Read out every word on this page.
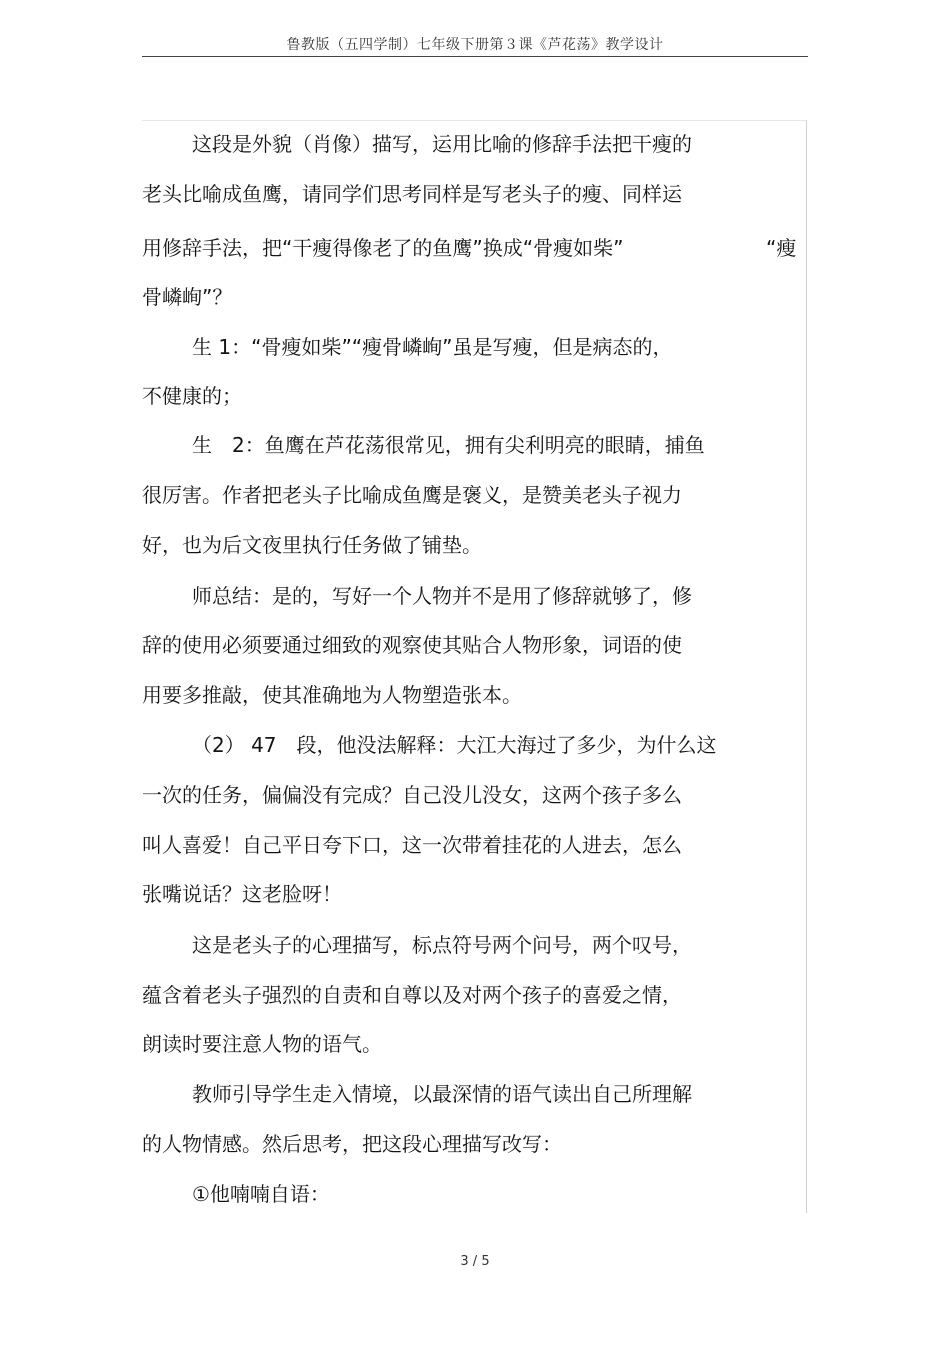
鲁教版（五四学制）七年级下册第３课《芦花荡》教学设计
这段是外貌（肖像）描写，运用比喻的修辞手法把干瘦的
老头比喻成鱼鹰，请同学们思考同样是写老头子的瘦、同样运
用修辞手法，把“干瘦得像老了的鱼鹰”换成“骨瘦如柴”	“瘦
骨嶙峋”？
生 1：“骨瘦如柴”“瘦骨嶙峋”虽是写瘦，但是病态的，
不健康的；
生　2：鱼鹰在芦花荡很常见，拥有尖利明亮的眼睛，捕鱼
很厉害。作者把老头子比喻成鱼鹰是褒义，是赞美老头子视力
好，也为后文夜里执行任务做了铺垫。
师总结：是的，写好一个人物并不是用了修辞就够了，修
辞的使用必须要通过细致的观察使其贴合人物形象，词语的使
用要多推敲，使其准确地为人物塑造张本。
（2） 47　段，他没法解释：大江大海过了多少，为什么这
一次的任务，偏偏没有完成？自己没儿没女，这两个孩子多么
叫人喜爱！自己平日夸下口，这一次带着挂花的人进去，怎么
张嘴说话？这老脸呀！
这是老头子的心理描写，标点符号两个问号，两个叹号，
蕴含着老头子强烈的自责和自尊以及对两个孩子的喜爱之情，
朗读时要注意人物的语气。
教师引导学生走入情境，以最深情的语气读出自己所理解
的人物情感。然后思考，把这段心理描写改写：
①他喃喃自语：
3 / 5
